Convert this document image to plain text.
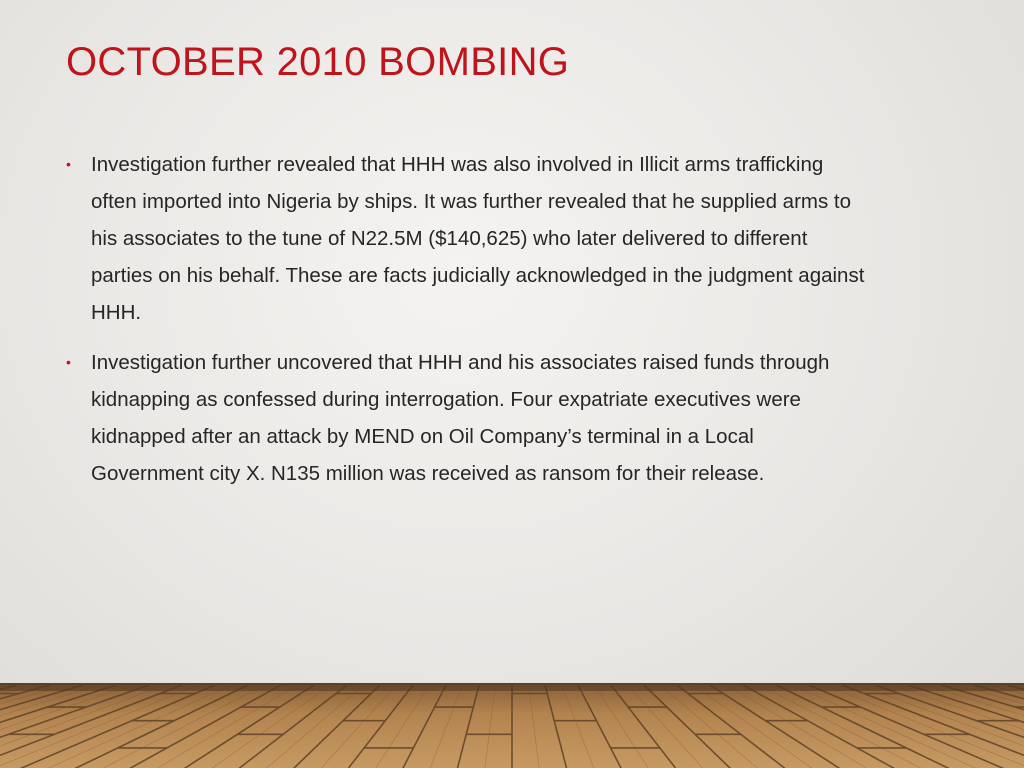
OCTOBER 2010 BOMBING
• Investigation further revealed that HHH was also involved in Illicit arms trafficking often imported into Nigeria by ships. It was further revealed that he supplied arms to his associates to the tune of N22.5M ($140,625) who later delivered to different parties on his behalf. These are facts judicially acknowledged in the judgment against HHH.
• Investigation further uncovered that HHH and his associates raised funds through kidnapping as confessed during interrogation. Four expatriate executives were kidnapped after an attack by MEND on Oil Company’s terminal in a Local Government city X. N135 million was received as ransom for their release.
